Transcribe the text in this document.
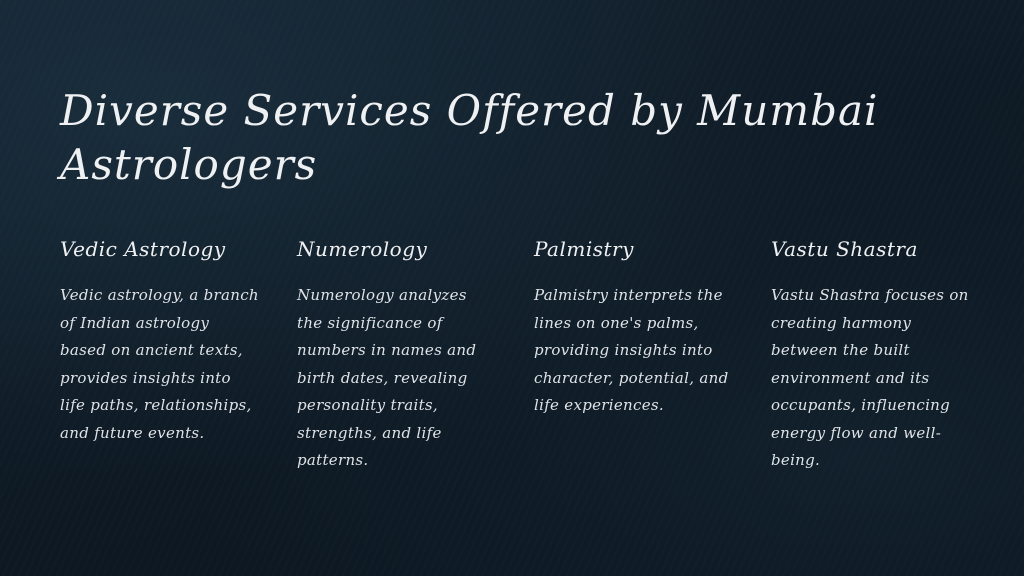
Diverse Services Offered by Mumbai Astrologers
Vedic Astrology

Vedic astrology, a branch of Indian astrology based on ancient texts, provides insights into life paths, relationships, and future events.

Numerology

Numerology analyzes the significance of numbers in names and birth dates, revealing personality traits, strengths, and life patterns.

Palmistry

Palmistry interprets the lines on one's palms, providing insights into character, potential, and life experiences.

Vastu Shastra

Vastu Shastra focuses on creating harmony between the built environment and its occupants, influencing energy flow and well-being.
